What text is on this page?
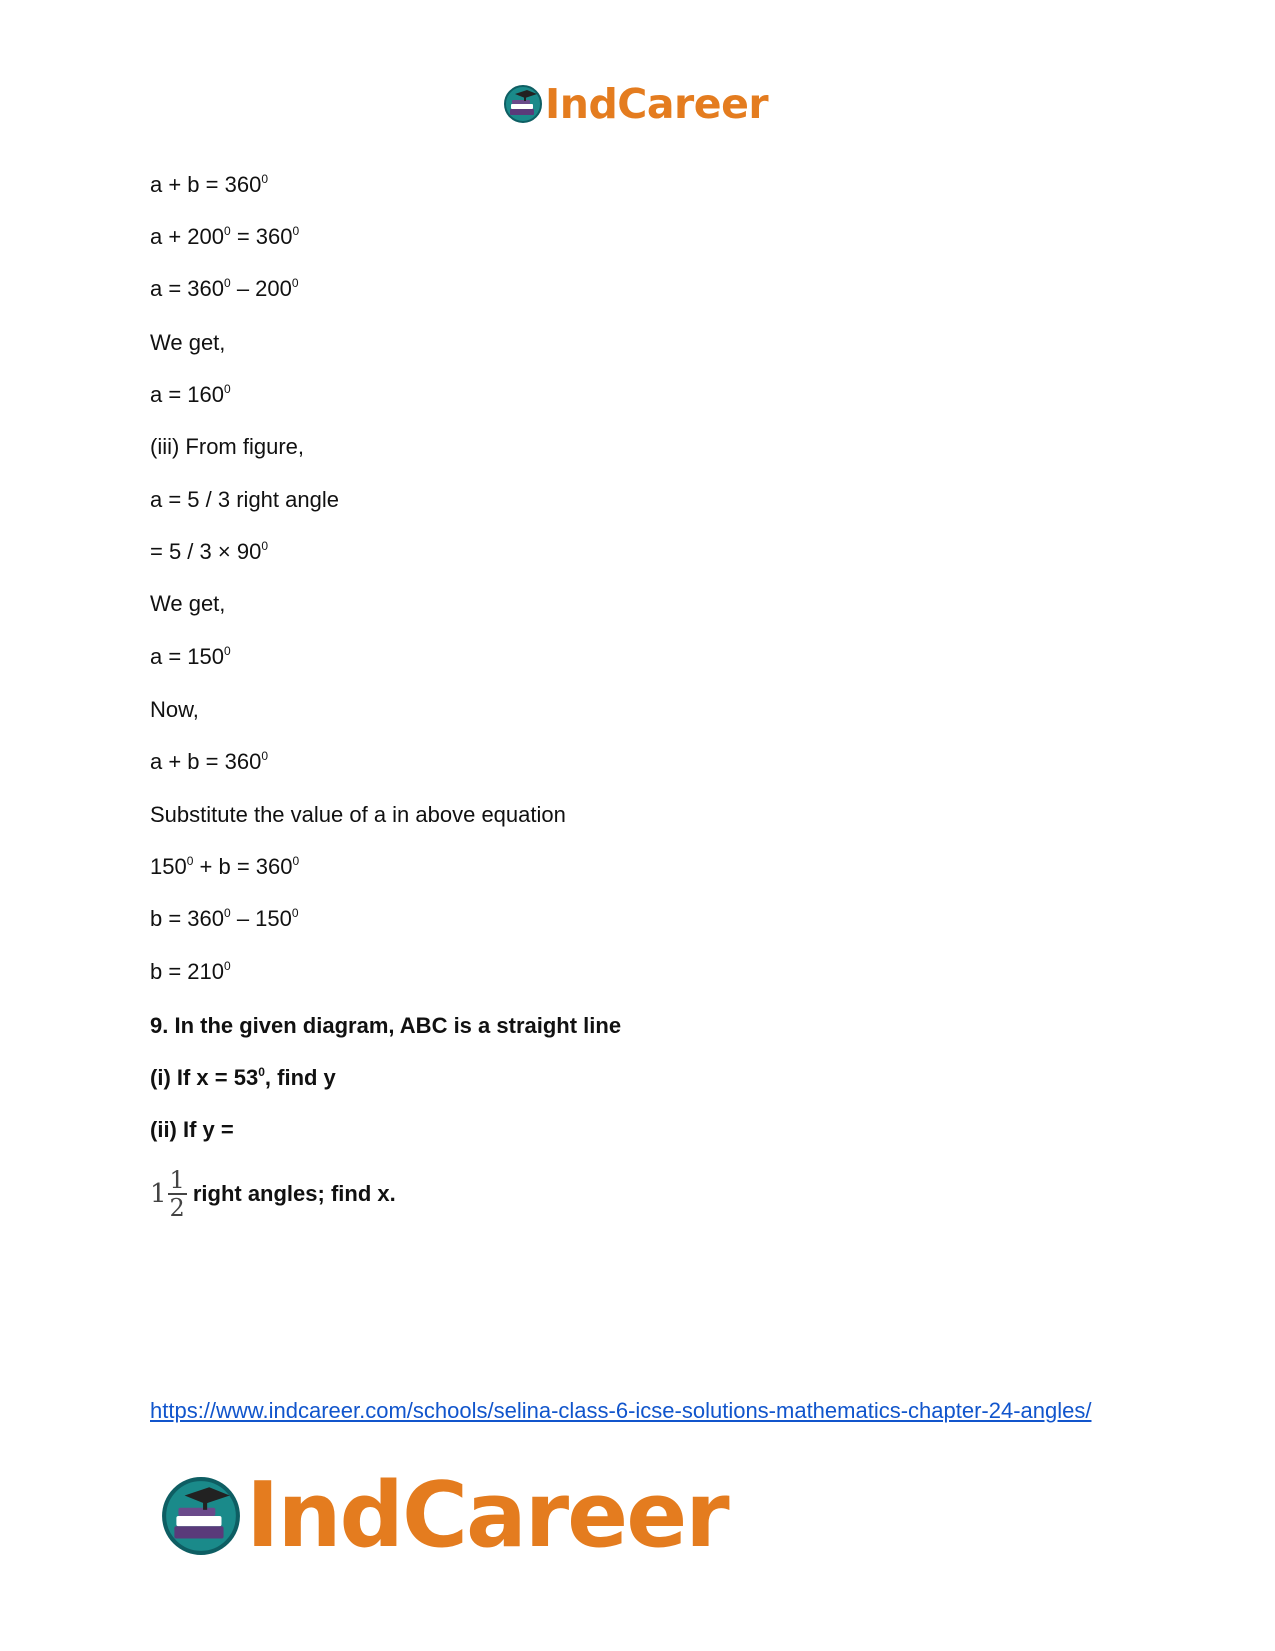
IndCareer
$a + b = 360^0$
$a + 200^0 = 360^0$
$a = 360^0 - 200^0$
We get,
$a = 160^0$
(iii) From figure,
a = 5 / 3 right angle
= $5 / 3 \times 90^0$
We get,
$a = 150^0$
Now,
$a + b = 360^0$
Substitute the value of a in above equation
$150^0 + b = 360^0$
$b = 360^0 - 150^0$
$b = 210^0$
9. In the given diagram, ABC is a straight line
(i) If $x = 53^0$, find y
(ii) If y =
$1 \frac{1}{2}$ right angles; find x.
https://www.indcareer.com/schools/selina-class-6-icse-solutions-mathematics-chapter-24-angles/
IndCareer
